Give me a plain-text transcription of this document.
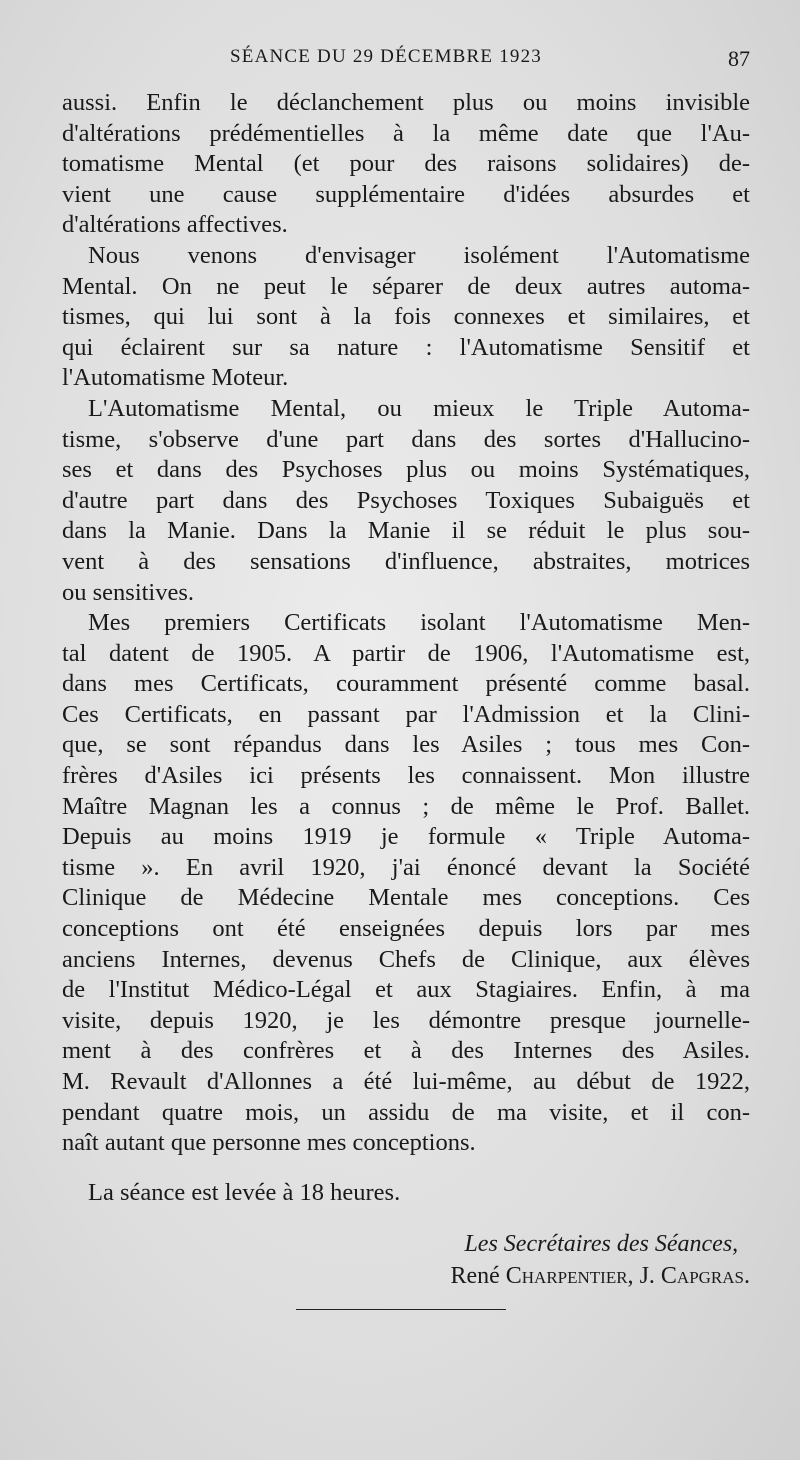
SÉANCE DU 29 DÉCEMBRE 1923	87
aussi. Enfin le déclanchement plus ou moins invisible
d'altérations prédémentielles à la même date que l'Au-
tomatisme Mental (et pour des raisons solidaires) de-
vient une cause supplémentaire d'idées absurdes et
d'altérations affectives.
Nous venons d'envisager isolément l'Automatisme
Mental. On ne peut le séparer de deux autres automa-
tismes, qui lui sont à la fois connexes et similaires, et
qui éclairent sur sa nature : l'Automatisme Sensitif et
l'Automatisme Moteur.
L'Automatisme Mental, ou mieux le Triple Automa-
tisme, s'observe d'une part dans des sortes d'Hallucino-
ses et dans des Psychoses plus ou moins Systématiques,
d'autre part dans des Psychoses Toxiques Subaiguës et
dans la Manie. Dans la Manie il se réduit le plus sou-
vent à des sensations d'influence, abstraites, motrices
ou sensitives.
Mes premiers Certificats isolant l'Automatisme Men-
tal datent de 1905. A partir de 1906, l'Automatisme est,
dans mes Certificats, couramment présenté comme basal.
Ces Certificats, en passant par l'Admission et la Clini-
que, se sont répandus dans les Asiles ; tous mes Con-
frères d'Asiles ici présents les connaissent. Mon illustre
Maître Magnan les a connus ; de même le Prof. Ballet.
Depuis au moins 1919 je formule « Triple Automa-
tisme ». En avril 1920, j'ai énoncé devant la Société
Clinique de Médecine Mentale mes conceptions. Ces
conceptions ont été enseignées depuis lors par mes
anciens Internes, devenus Chefs de Clinique, aux élèves
de l'Institut Médico-Légal et aux Stagiaires. Enfin, à ma
visite, depuis 1920, je les démontre presque journelle-
ment à des confrères et à des Internes des Asiles.
M. Revault d'Allonnes a été lui-même, au début de 1922,
pendant quatre mois, un assidu de ma visite, et il con-
naît autant que personne mes conceptions.
La séance est levée à 18 heures.
Les Secrétaires des Séances,
René Charpentier, J. Capgras.
